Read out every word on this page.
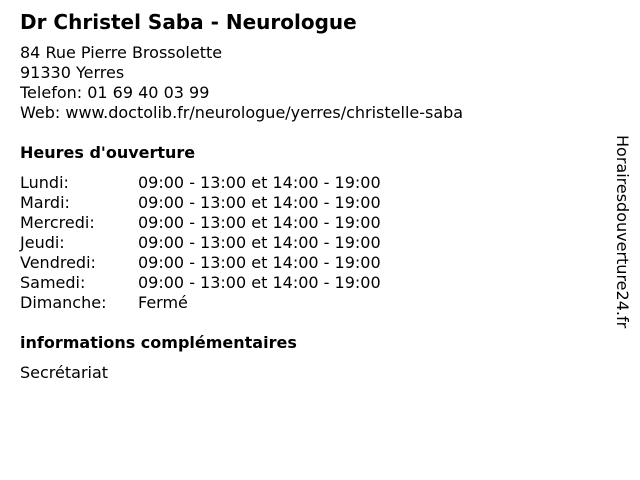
Dr Christel Saba - Neurologue
84 Rue Pierre Brossolette
91330 Yerres
Telefon: 01 69 40 03 99
Web: www.doctolib.fr/neurologue/yerres/christelle-saba
Heures d'ouverture
Lundi:	09:00 - 13:00 et 14:00 - 19:00
Mardi:	09:00 - 13:00 et 14:00 - 19:00
Mercredi:	09:00 - 13:00 et 14:00 - 19:00
Jeudi:	09:00 - 13:00 et 14:00 - 19:00
Vendredi:	09:00 - 13:00 et 14:00 - 19:00
Samedi:	09:00 - 13:00 et 14:00 - 19:00
Dimanche:	Fermé
informations complémentaires
Secrétariat
Horairesdouverture24.fr
